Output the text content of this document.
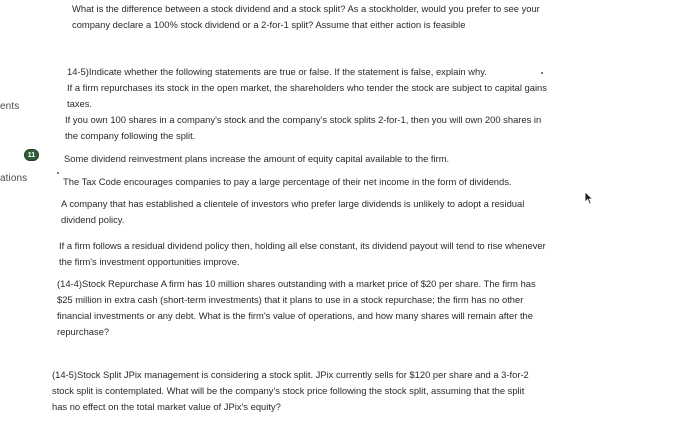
ents
11
ations
What is the difference between a stock dividend and a stock split? As a stockholder, would you prefer to see your
company declare a 100% stock dividend or a 2-for-1 split? Assume that either action is feasible
14-5)Indicate whether the following statements are true or false. If the statement is false, explain why.
If a firm repurchases its stock in the open market, the shareholders who tender the stock are subject to capital gains
taxes.
If you own 100 shares in a company's stock and the company's stock splits 2-for-1, then you will own 200 shares in
the company following the split.
Some dividend reinvestment plans increase the amount of equity capital available to the firm.
The Tax Code encourages companies to pay a large percentage of their net income in the form of dividends.
A company that has established a clientele of investors who prefer large dividends is unlikely to adopt a residual
dividend policy.
If a firm follows a residual dividend policy then, holding all else constant, its dividend payout will tend to rise whenever
the firm's investment opportunities improve.
(14-4)Stock Repurchase A firm has 10 million shares outstanding with a market price of $20 per share. The firm has
$25 million in extra cash (short-term investments) that it plans to use in a stock repurchase; the firm has no other
financial investments or any debt. What is the firm's value of operations, and how many shares will remain after the
repurchase?
(14-5)Stock Split JPix management is considering a stock split. JPix currently sells for $120 per share and a 3-for-2
stock split is contemplated. What will be the company's stock price following the stock split, assuming that the split
has no effect on the total market value of JPix's equity?
